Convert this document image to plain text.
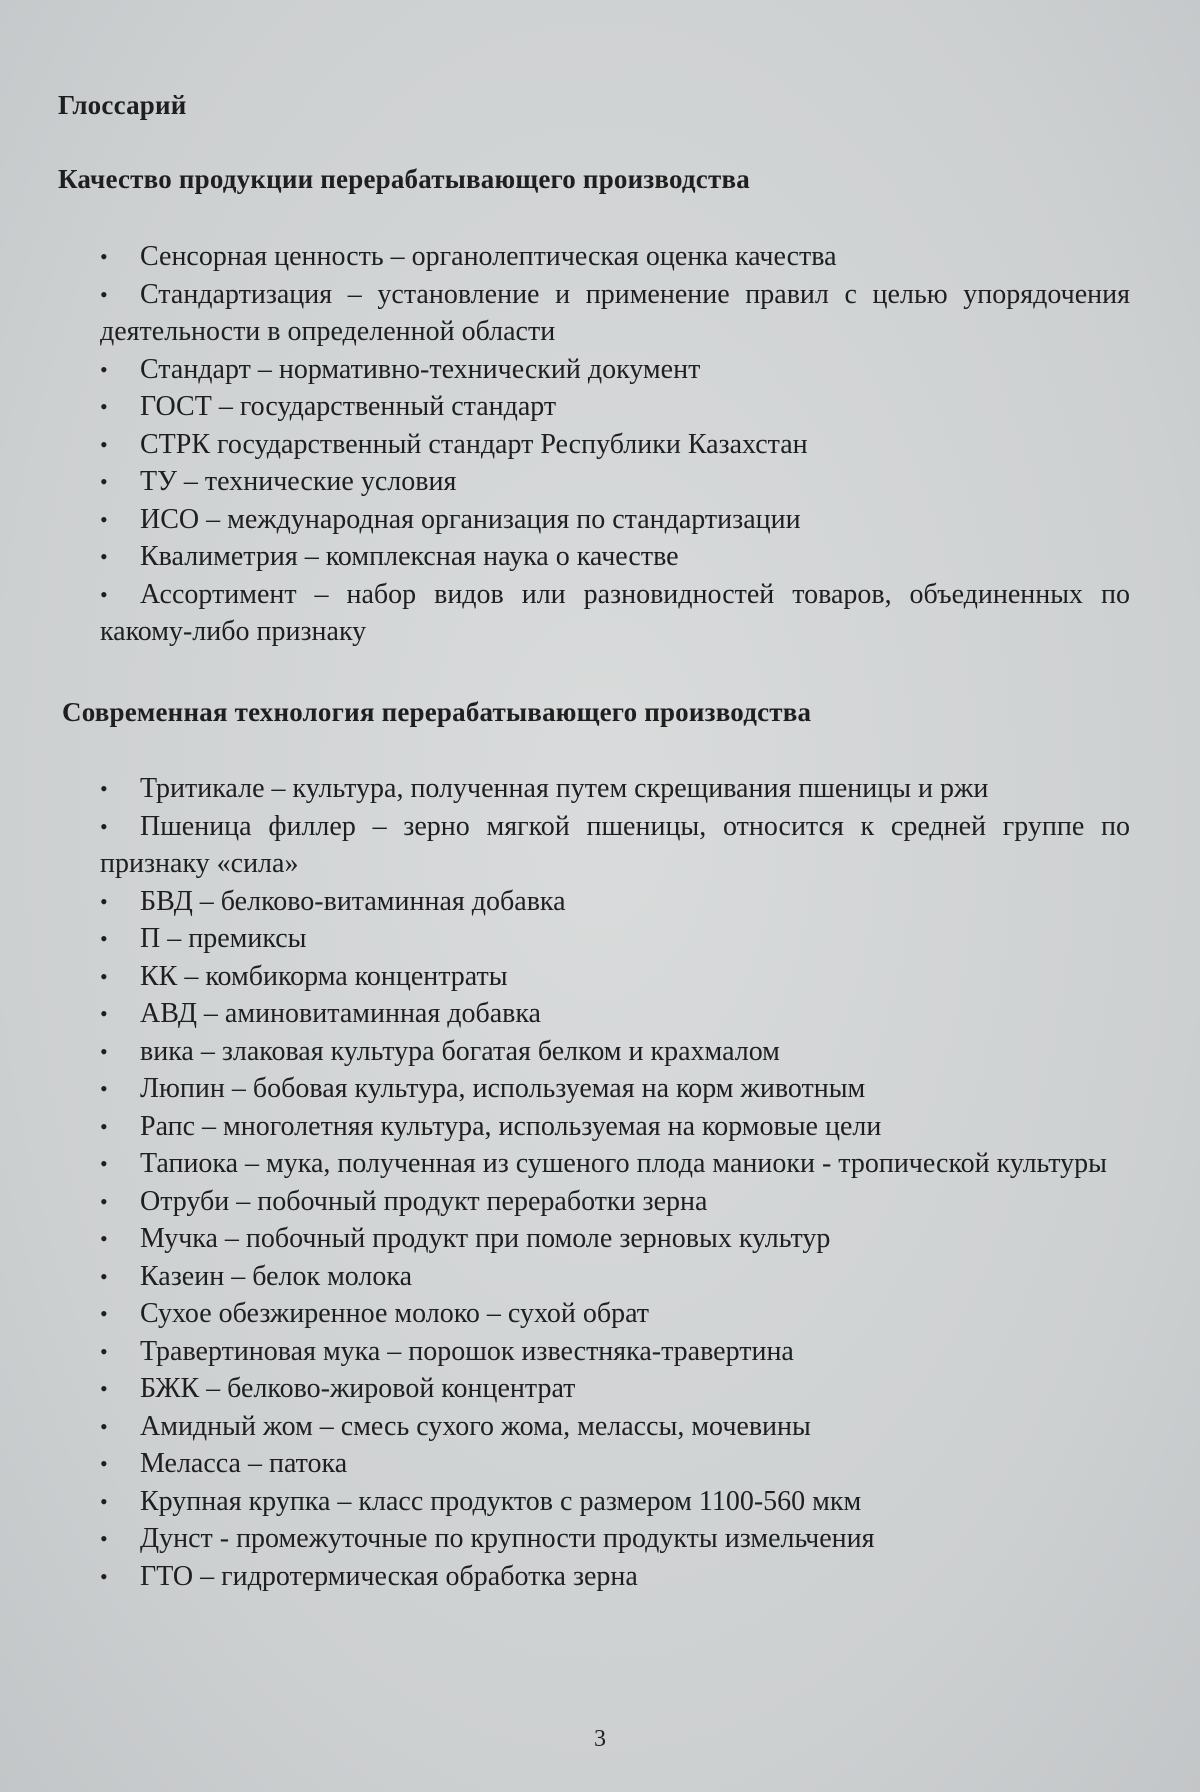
Глоссарий
Качество продукции перерабатывающего производства
• Сенсорная ценность – органолептическая оценка качества
• Стандартизация – установление и применение правил с целью упорядочения деятельности в определенной области
• Стандарт – нормативно-технический документ
• ГОСТ – государственный стандарт
• СТРК государственный стандарт Республики Казахстан
• ТУ – технические условия
• ИСО – международная организация по стандартизации
• Квалиметрия – комплексная наука о качестве
• Ассортимент – набор видов или разновидностей товаров, объединенных по какому-либо признаку
Современная технология перерабатывающего производства
• Тритикале – культура, полученная путем скрещивания пшеницы и ржи
• Пшеница филлер – зерно мягкой пшеницы, относится к средней группе по признаку «сила»
• БВД – белково-витаминная добавка
• П – премиксы
• КК – комбикорма концентраты
• АВД – аминовитаминная добавка
• вика – злаковая культура богатая белком и крахмалом
• Люпин – бобовая культура, используемая на корм животным
• Рапс – многолетняя культура, используемая на кормовые цели
• Тапиока – мука, полученная из сушеного плода маниоки - тропической культуры
• Отруби – побочный продукт переработки зерна
• Мучка – побочный продукт при помоле зерновых культур
• Казеин – белок молока
• Сухое обезжиренное молоко – сухой обрат
• Травертиновая мука – порошок известняка-травертина
• БЖК – белково-жировой концентрат
• Амидный жом – смесь сухого жома, мелассы, мочевины
• Меласса – патока
• Крупная крупка – класс продуктов с размером 1100-560 мкм
• Дунст - промежуточные по крупности продукты измельчения
• ГТО – гидротермическая обработка зерна
3
